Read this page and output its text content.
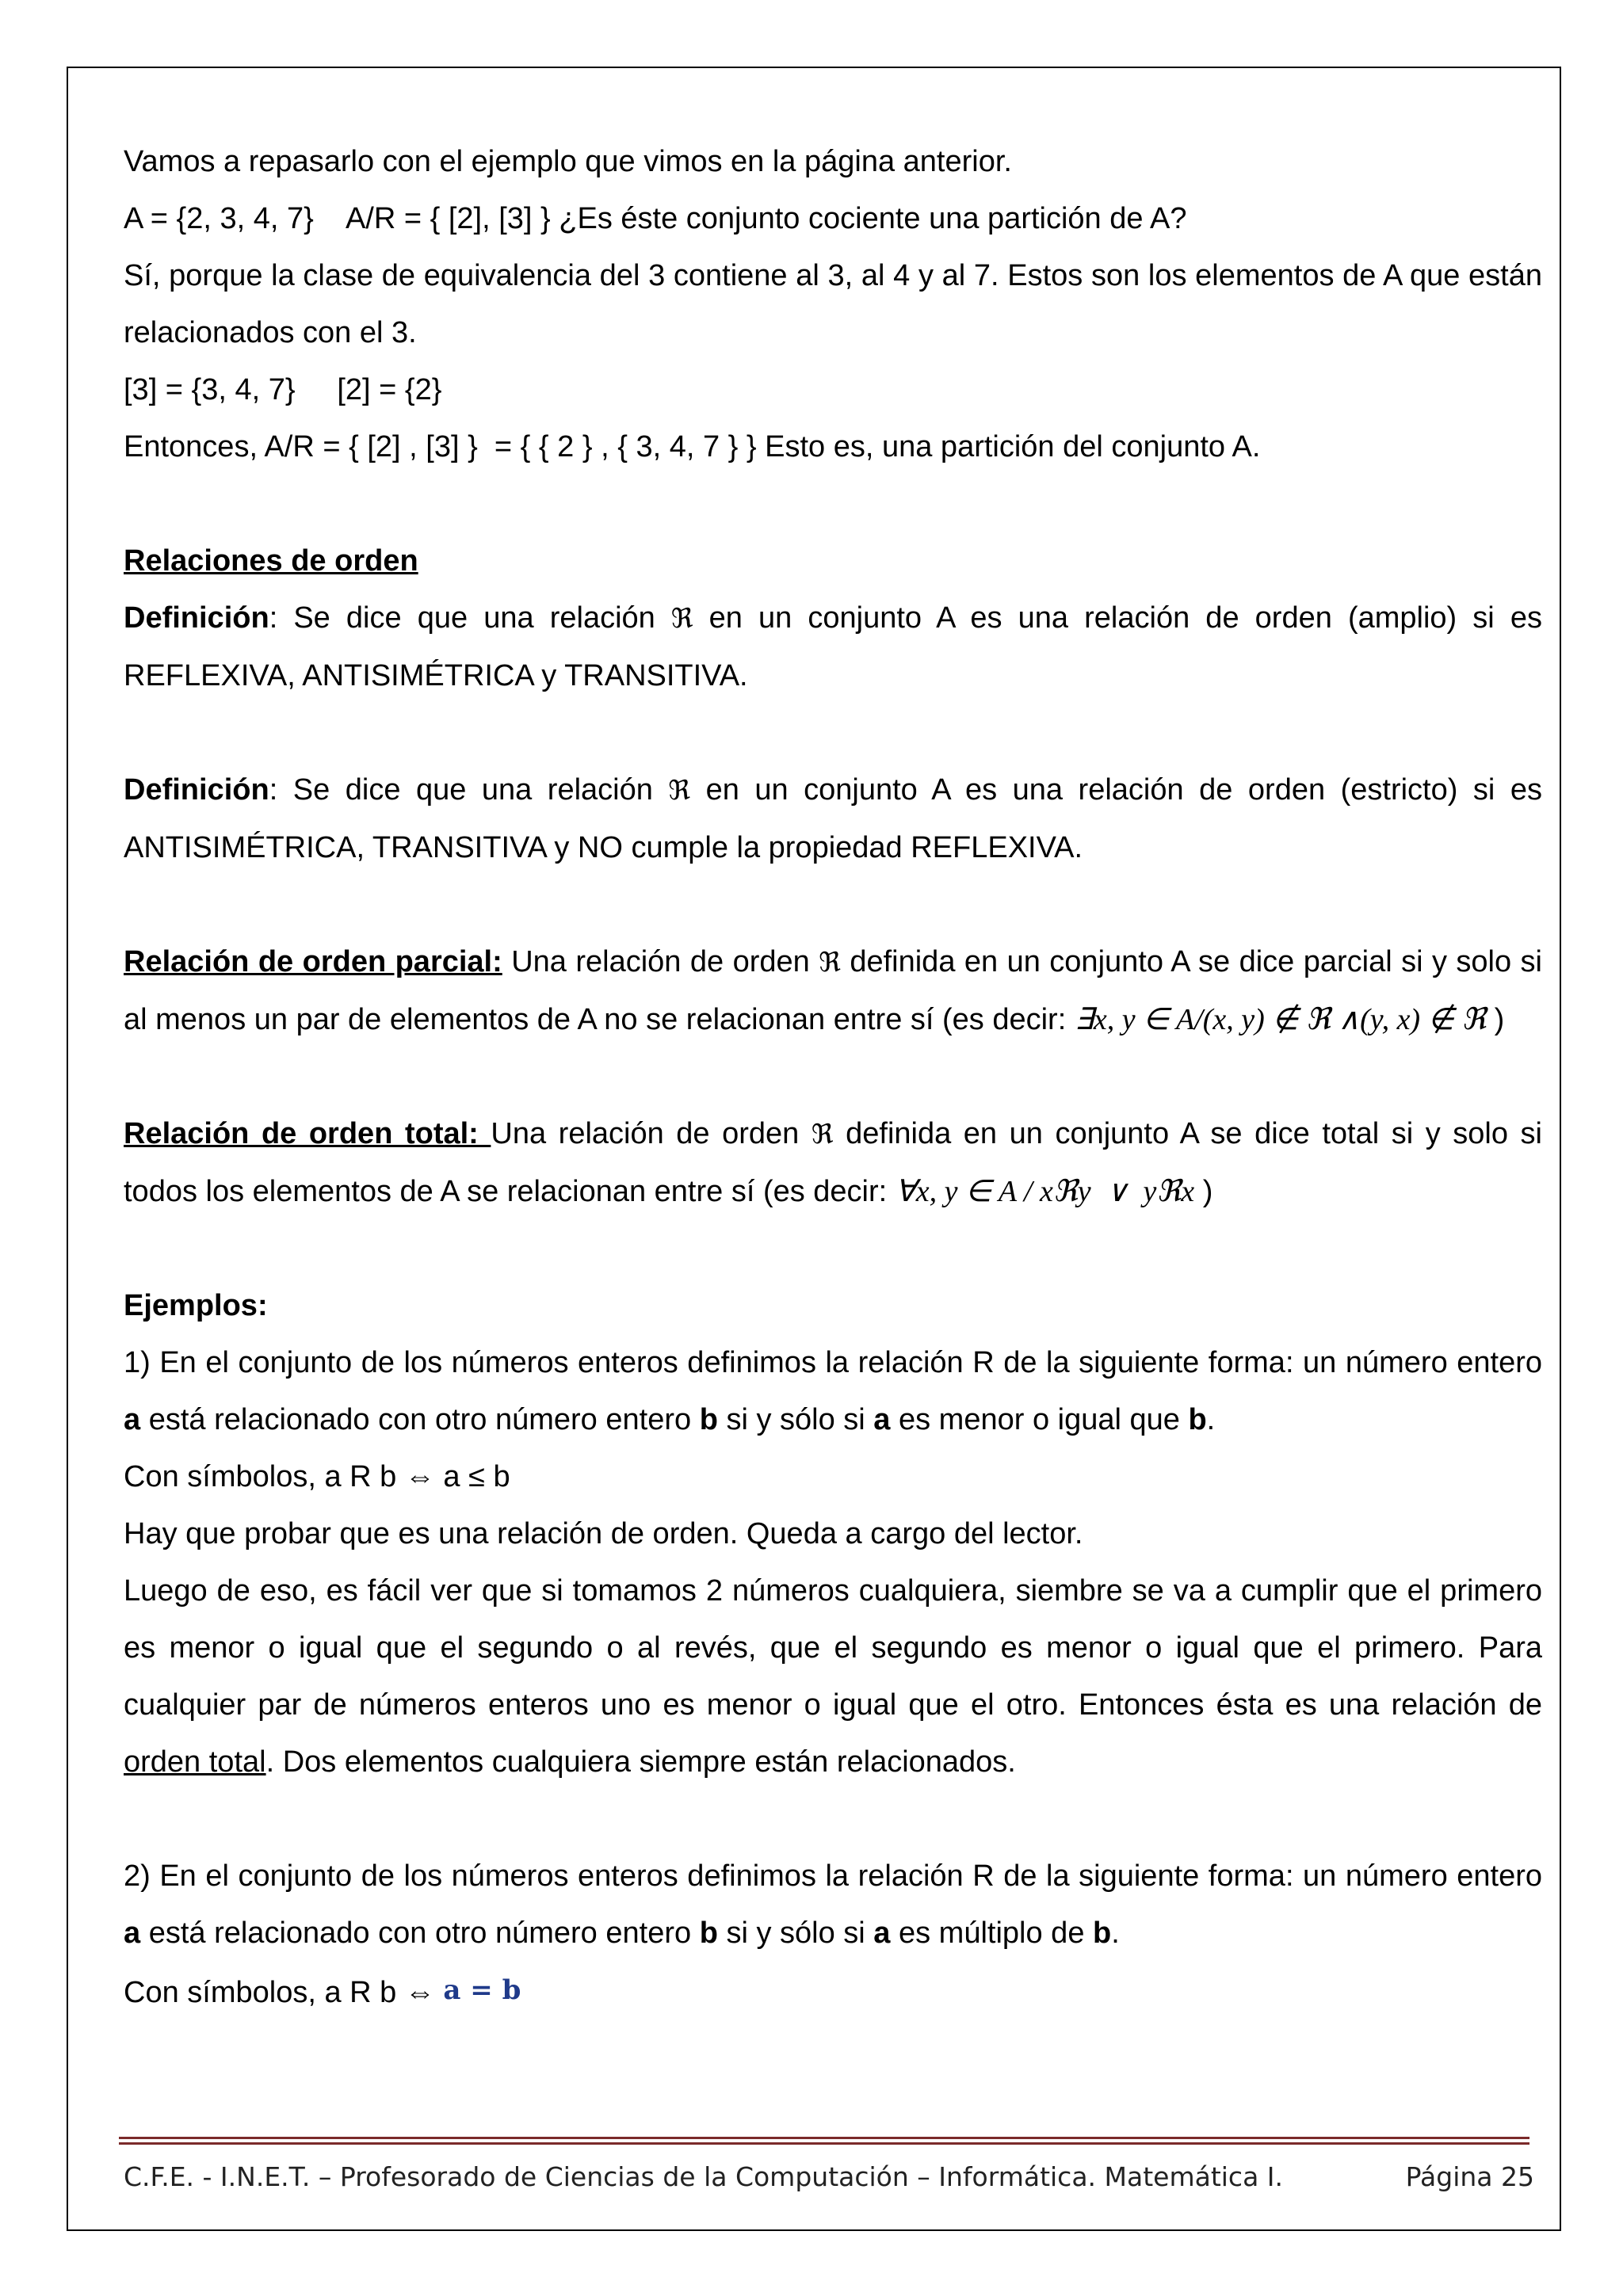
Vamos a repasarlo con el ejemplo que vimos en la página anterior.

A = {2, 3, 4, 7}    A/R = { [2], [3] } ¿Es éste conjunto cociente una partición de A?

Sí, porque la clase de equivalencia del 3 contiene al 3, al 4 y al 7. Estos son los elementos de A que están relacionados con el 3.

[3] = {3, 4, 7}     [2] = {2}

Entonces, A/R = { [2] , [3] }  = { { 2 } , { 3, 4, 7 } } Esto es, una partición del conjunto A.

Relaciones de orden

Definición: Se dice que una relación ℜ en un conjunto A es una relación de orden (amplio) si es REFLEXIVA, ANTISIMÉTRICA y TRANSITIVA.

Definición: Se dice que una relación ℜ en un conjunto A es una relación de orden (estricto) si es ANTISIMÉTRICA, TRANSITIVA y NO cumple la propiedad REFLEXIVA.

Relación de orden parcial: Una relación de orden ℜ definida en un conjunto A se dice parcial si y solo si al menos un par de elementos de A no se relacionan entre sí (es decir: ∃x, y ∈ A/(x, y) ∉ ℜ ∧(y, x) ∉ ℜ )

Relación de orden total: Una relación de orden ℜ definida en un conjunto A se dice total si y solo si todos los elementos de A se relacionan entre sí (es decir: ∀x, y ∈ A / xℜy  ∨  yℜx )

Ejemplos:

1) En el conjunto de los números enteros definimos la relación R de la siguiente forma: un número entero a está relacionado con otro número entero b si y sólo si a es menor o igual que b.

Con símbolos, a R b ⇔ a ≤ b

Hay que probar que es una relación de orden. Queda a cargo del lector.

Luego de eso, es fácil ver que si tomamos 2 números cualquiera, siembre se va a cumplir que el primero es menor o igual que el segundo o al revés, que el segundo es menor o igual que el primero. Para cualquier par de números enteros uno es menor o igual que el otro. Entonces ésta es una relación de orden total. Dos elementos cualquiera siempre están relacionados.

2) En el conjunto de los números enteros definimos la relación R de la siguiente forma: un número entero a está relacionado con otro número entero b si y sólo si a es múltiplo de b.

Con símbolos, a R b ⇔ a = b

C.F.E. - I.N.E.T. – Profesorado de Ciencias de la Computación – Informática. Matemática I.	Página 25
